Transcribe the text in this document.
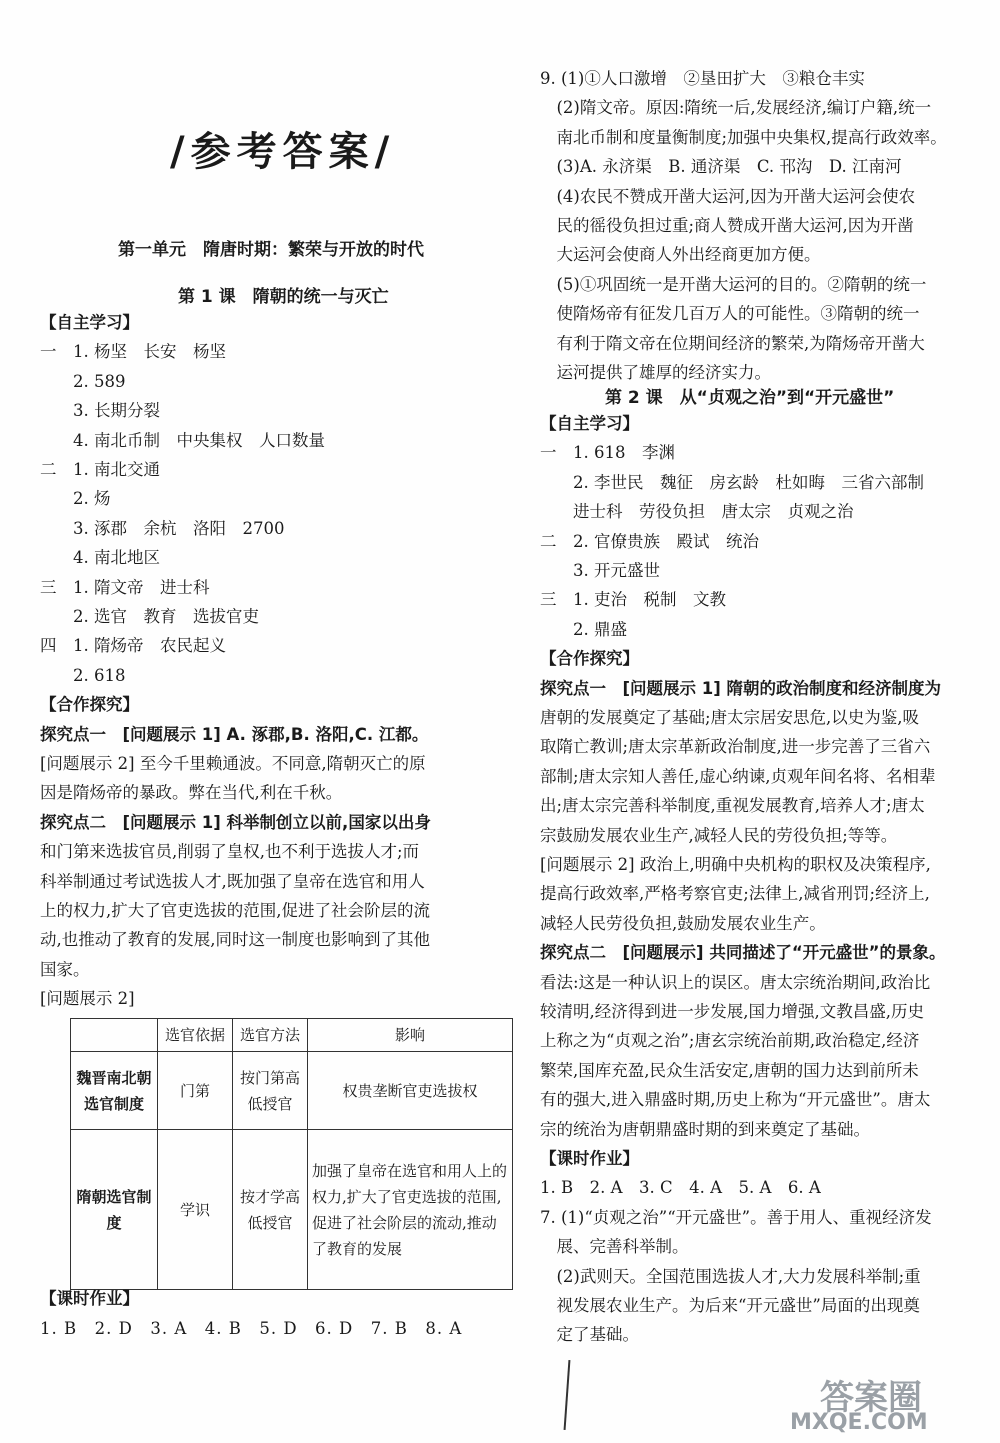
/参考答案/
第一单元　隋唐时期：繁荣与开放的时代
第 1 课　隋朝的统一与灭亡
【自主学习】
一　1. 杨坚　长安　杨坚
　　2. 589
　　3. 长期分裂
　　4. 南北币制　中央集权　人口数量
二　1. 南北交通
　　2. 炀
　　3. 涿郡　余杭　洛阳　2700
　　4. 南北地区
三　1. 隋文帝　进士科
　　2. 选官　教育　选拔官吏
四　1. 隋炀帝　农民起义
　　2. 618
【合作探究】
探究点一　[问题展示 1] A. 涿郡,B. 洛阳,C. 江都。
[问题展示 2] 至今千里赖通波。不同意,隋朝灭亡的原
因是隋炀帝的暴政。弊在当代,利在千秋。
探究点二　[问题展示 1] 科举制创立以前,国家以出身
和门第来选拔官员,削弱了皇权,也不利于选拔人才;而
科举制通过考试选拔人才,既加强了皇帝在选官和用人
上的权力,扩大了官吏选拔的范围,促进了社会阶层的流
动,也推动了教育的发展,同时这一制度也影响到了其他
国家。
[问题展示 2]
	选官依据	选官方法	影响
魏晋南北朝选官制度	门第	按门第高低授官	权贵垄断官吏选拔权
隋朝选官制度	学识	按才学高低授官	加强了皇帝在选官和用人上的权力,扩大了官吏选拔的范围,促进了社会阶层的流动,推动了教育的发展
【课时作业】
1. B　2. D　3. A　4. B　5. D　6. D　7. B　8. A
9. (1)①人口激增　②垦田扩大　③粮仓丰实
　(2)隋文帝。原因:隋统一后,发展经济,编订户籍,统一
　南北币制和度量衡制度;加强中央集权,提高行政效率。
　(3)A. 永济渠　B. 通济渠　C. 邗沟　D. 江南河
　(4)农民不赞成开凿大运河,因为开凿大运河会使农
　民的徭役负担过重;商人赞成开凿大运河,因为开凿
　大运河会使商人外出经商更加方便。
　(5)①巩固统一是开凿大运河的目的。②隋朝的统一
　使隋炀帝有征发几百万人的可能性。③隋朝的统一
　有利于隋文帝在位期间经济的繁荣,为隋炀帝开凿大
　运河提供了雄厚的经济实力。
第 2 课　从“贞观之治”到“开元盛世”
【自主学习】
一　1. 618　李渊
　　2. 李世民　魏征　房玄龄　杜如晦　三省六部制
　　进士科　劳役负担　唐太宗　贞观之治
二　2. 官僚贵族　殿试　统治
　　3. 开元盛世
三　1. 吏治　税制　文教
　　2. 鼎盛
【合作探究】
探究点一　[问题展示 1] 隋朝的政治制度和经济制度为
唐朝的发展奠定了基础;唐太宗居安思危,以史为鉴,吸
取隋亡教训;唐太宗革新政治制度,进一步完善了三省六
部制;唐太宗知人善任,虚心纳谏,贞观年间名将、名相辈
出;唐太宗完善科举制度,重视发展教育,培养人才;唐太
宗鼓励发展农业生产,减轻人民的劳役负担;等等。
[问题展示 2] 政治上,明确中央机构的职权及决策程序,
提高行政效率,严格考察官吏;法律上,减省刑罚;经济上,
减轻人民劳役负担,鼓励发展农业生产。
探究点二　[问题展示] 共同描述了“开元盛世”的景象。
看法:这是一种认识上的误区。唐太宗统治期间,政治比
较清明,经济得到进一步发展,国力增强,文教昌盛,历史
上称之为“贞观之治”;唐玄宗统治前期,政治稳定,经济
繁荣,国库充盈,民众生活安定,唐朝的国力达到前所未
有的强大,进入鼎盛时期,历史上称为“开元盛世”。唐太
宗的统治为唐朝鼎盛时期的到来奠定了基础。
【课时作业】
1. B　2. A　3. C　4. A　5. A　6. A
7. (1)“贞观之治”“开元盛世”。善于用人、重视经济发
　展、完善科举制。
　(2)武则天。全国范围选拔人才,大力发展科举制;重
　视发展农业生产。为后来“开元盛世”局面的出现奠
　定了基础。
答案圈
MXQE.COM
